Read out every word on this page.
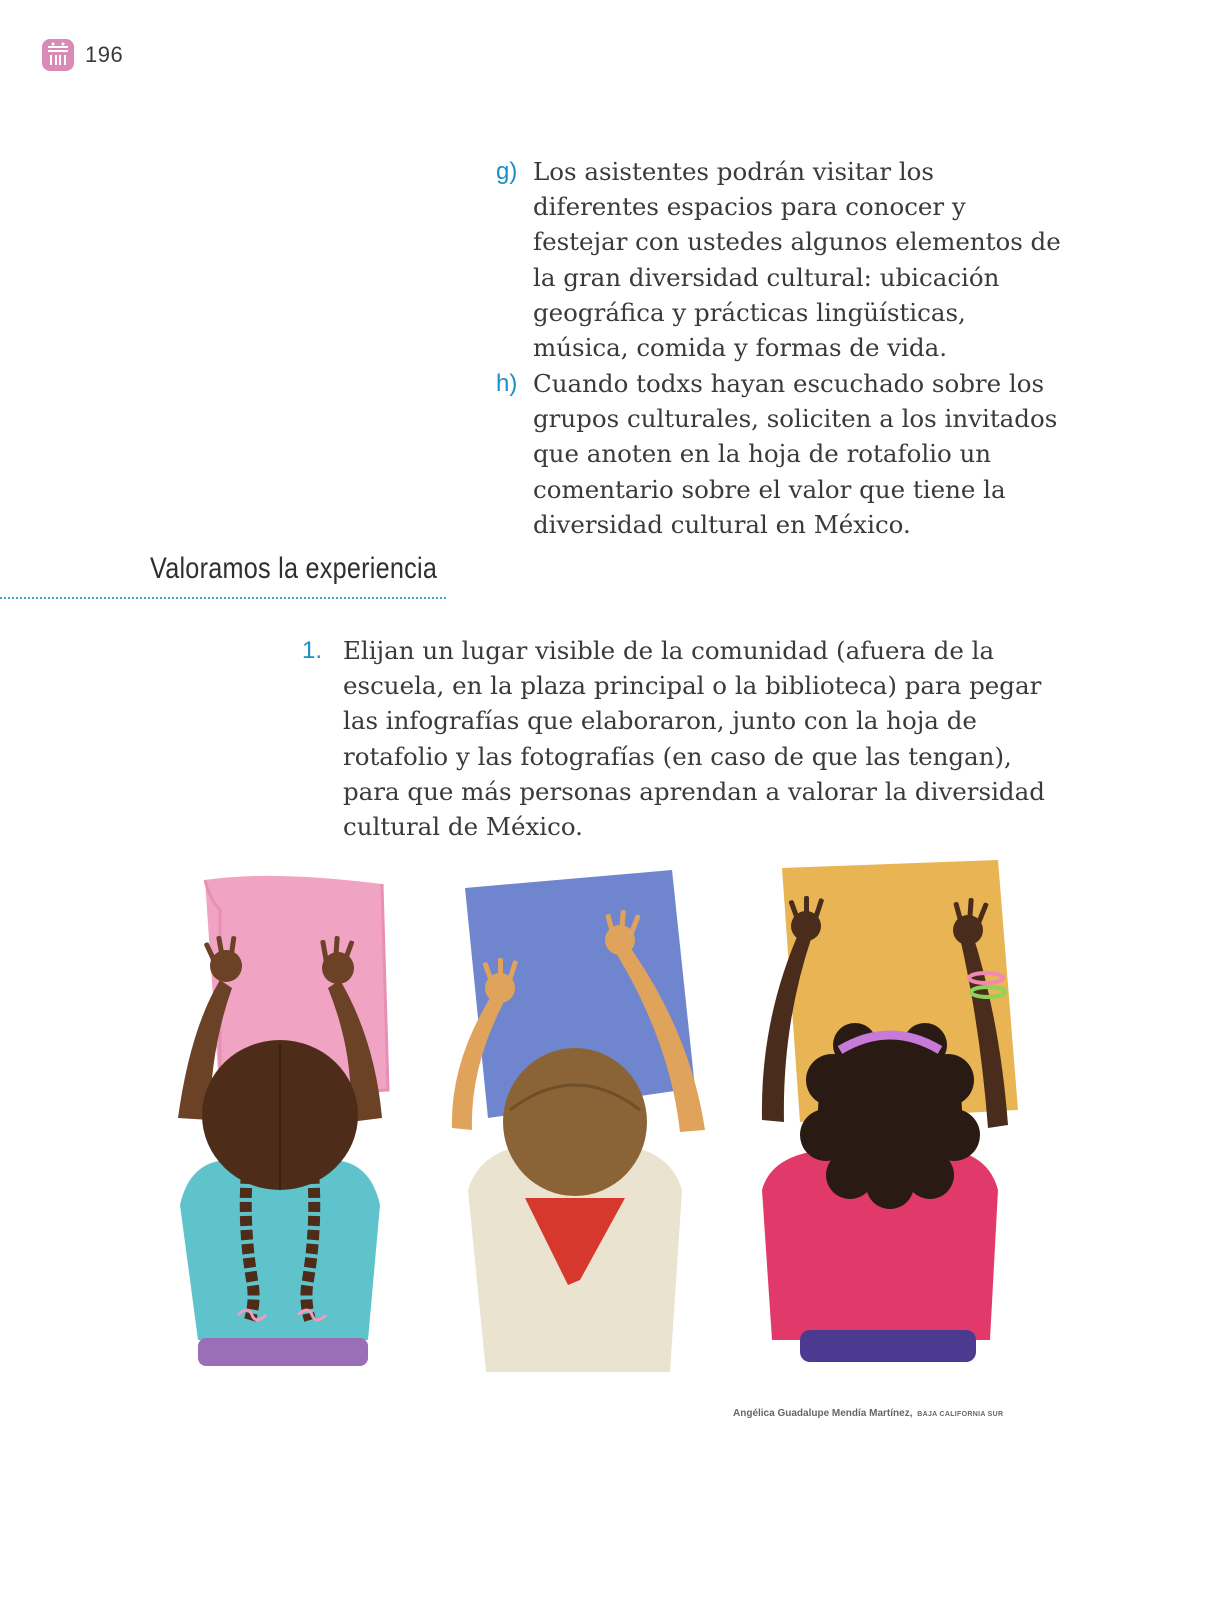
196
g) Los asistentes podrán visitar los diferentes espacios para conocer y festejar con ustedes algunos elementos de la gran diversidad cultural: ubicación geográfica y prácticas lingüísticas, música, comida y formas de vida.
h) Cuando todxs hayan escuchado sobre los grupos culturales, soliciten a los invitados que anoten en la hoja de rotafolio un comentario sobre el valor que tiene la diversidad cultural en México.
Valoramos la experiencia
1. Elijan un lugar visible de la comunidad (afuera de la escuela, en la plaza principal o la biblioteca) para pegar las infografías que elaboraron, junto con la hoja de rotafolio y las fotografías (en caso de que las tengan), para que más personas aprendan a valorar la diversidad cultural de México.
Angélica Guadalupe Mendía Martínez, BAJA CALIFORNIA SUR
